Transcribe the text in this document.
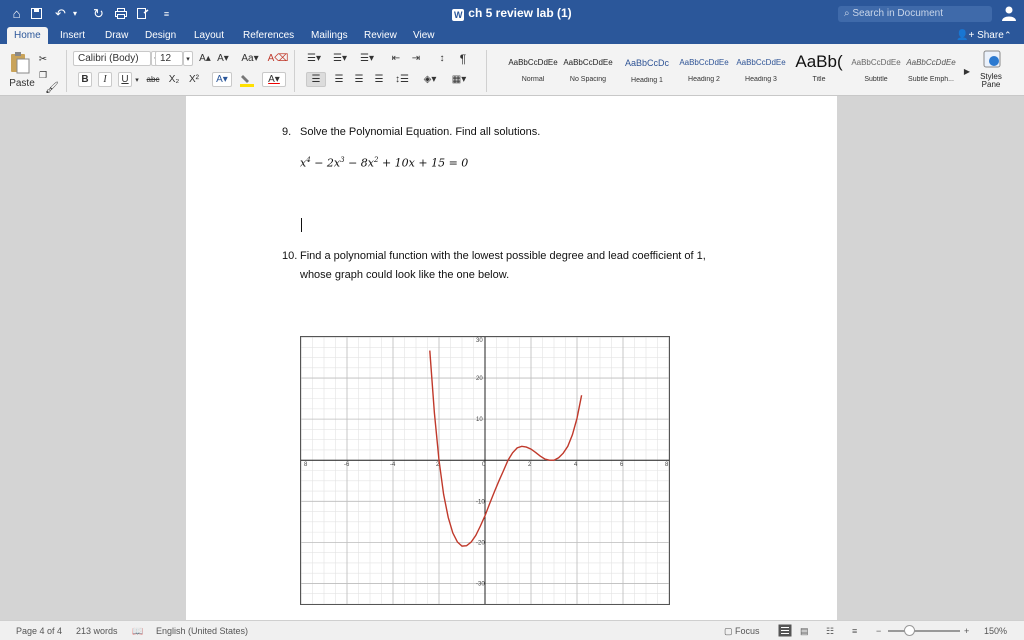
⌂	↶ ▾ ↻	≡	W ch 5 review lab (1)	⌕ Search in Document
Home	Insert	Draw	Design	Layout	References	Mailings	Review	View	👤+ Share ⌃
Paste
✂
❐
🖌
Calibri (Body)	12	▾ A▴ A▾ Aa▾ A⌫
B	I	U ▾ abc X₂ X²	A▾	A▾
☰▾	☰▾	☰▾	⇤	⇥	↕	¶
☰	☰	☰	☰	↕☰	◈▾	▦▾
AaBbCcDdEe
Normal
AaBbCcDdEe
No Spacing
AaBbCcDc
Heading 1
AaBbCcDdEe
Heading 2
AaBbCcDdEe
Heading 3
AaBb(
Title
AaBbCcDdEe
Subtitle
AaBbCcDdEe
Subtle Emph...
▶
Styles Pane
9. Solve the Polynomial Equation. Find all solutions.
$x^4 - 2x^3 - 8x^2 + 10x + 15 = 0$
10. Find a polynomial function with the lowest possible degree and lead coefficient of 1,
whose graph could look like the one below.
8	-6	-4	2	0	2	4	6	8
30
20
10
-10
-20
-30
Page 4 of 4 213 words 📖 English (United States)	▢ Focus	▤ ☷ ≡ −	+ 150%
